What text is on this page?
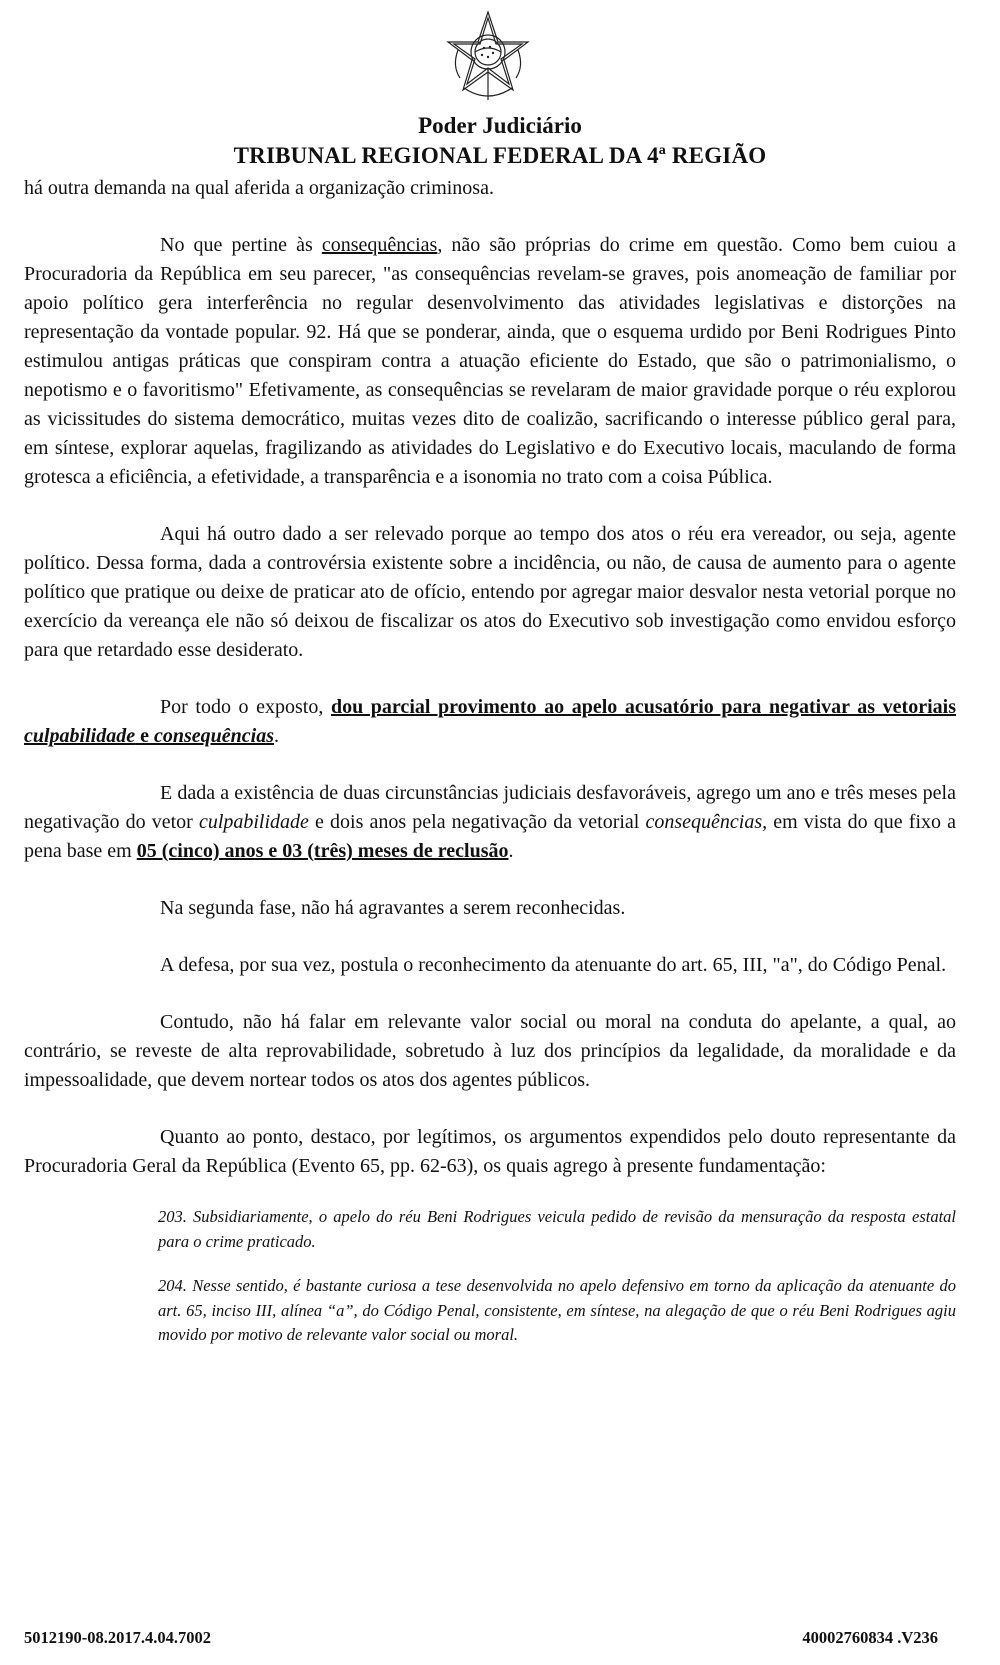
Poder Judiciário
TRIBUNAL REGIONAL FEDERAL DA 4ª REGIÃO

há outra demanda na qual aferida a organização criminosa.

No que pertine às consequências, não são próprias do crime em questão. Como bem cuiou a Procuradoria da República em seu parecer, "as consequências revelam-se graves, pois anomeação de familiar por apoio político gera interferência no regular desenvolvimento das atividades legislativas e distorções na representação da vontade popular. 92. Há que se ponderar, ainda, que o esquema urdido por Beni Rodrigues Pinto estimulou antigas práticas que conspiram contra a atuação eficiente do Estado, que são o patrimonialismo, o nepotismo e o favoritismo" Efetivamente, as consequências se revelaram de maior gravidade porque o réu explorou as vicissitudes do sistema democrático, muitas vezes dito de coalizão, sacrificando o interesse público geral para, em síntese, explorar aquelas, fragilizando as atividades do Legislativo e do Executivo locais, maculando de forma grotesca a eficiência, a efetividade, a transparência e a isonomia no trato com a coisa Pública.

Aqui há outro dado a ser relevado porque ao tempo dos atos o réu era vereador, ou seja, agente político. Dessa forma, dada a controvérsia existente sobre a incidência, ou não, de causa de aumento para o agente político que pratique ou deixe de praticar ato de ofício, entendo por agregar maior desvalor nesta vetorial porque no exercício da vereança ele não só deixou de fiscalizar os atos do Executivo sob investigação como envidou esforço para que retardado esse desiderato.

Por todo o exposto, dou parcial provimento ao apelo acusatório para negativar as vetoriais culpabilidade e consequências.

E dada a existência de duas circunstâncias judiciais desfavoráveis, agrego um ano e três meses pela negativação do vetor culpabilidade e dois anos pela negativação da vetorial consequências, em vista do que fixo a pena base em 05 (cinco) anos e 03 (três) meses de reclusão.

Na segunda fase, não há agravantes a serem reconhecidas.

A defesa, por sua vez, postula o reconhecimento da atenuante do art. 65, III, "a", do Código Penal.

Contudo, não há falar em relevante valor social ou moral na conduta do apelante, a qual, ao contrário, se reveste de alta reprovabilidade, sobretudo à luz dos princípios da legalidade, da moralidade e da impessoalidade, que devem nortear todos os atos dos agentes públicos.

Quanto ao ponto, destaco, por legítimos, os argumentos expendidos pelo douto representante da Procuradoria Geral da República (Evento 65, pp. 62-63), os quais agrego à presente fundamentação:

203. Subsidiariamente, o apelo do réu Beni Rodrigues veicula pedido de revisão da mensuração da resposta estatal para o crime praticado.

204. Nesse sentido, é bastante curiosa a tese desenvolvida no apelo defensivo em torno da aplicação da atenuante do art. 65, inciso III, alínea “a”, do Código Penal, consistente, em síntese, na alegação de que o réu Beni Rodrigues agiu movido por motivo de relevante valor social ou moral.

5012190-08.2017.4.04.7002	40002760834 .V236
